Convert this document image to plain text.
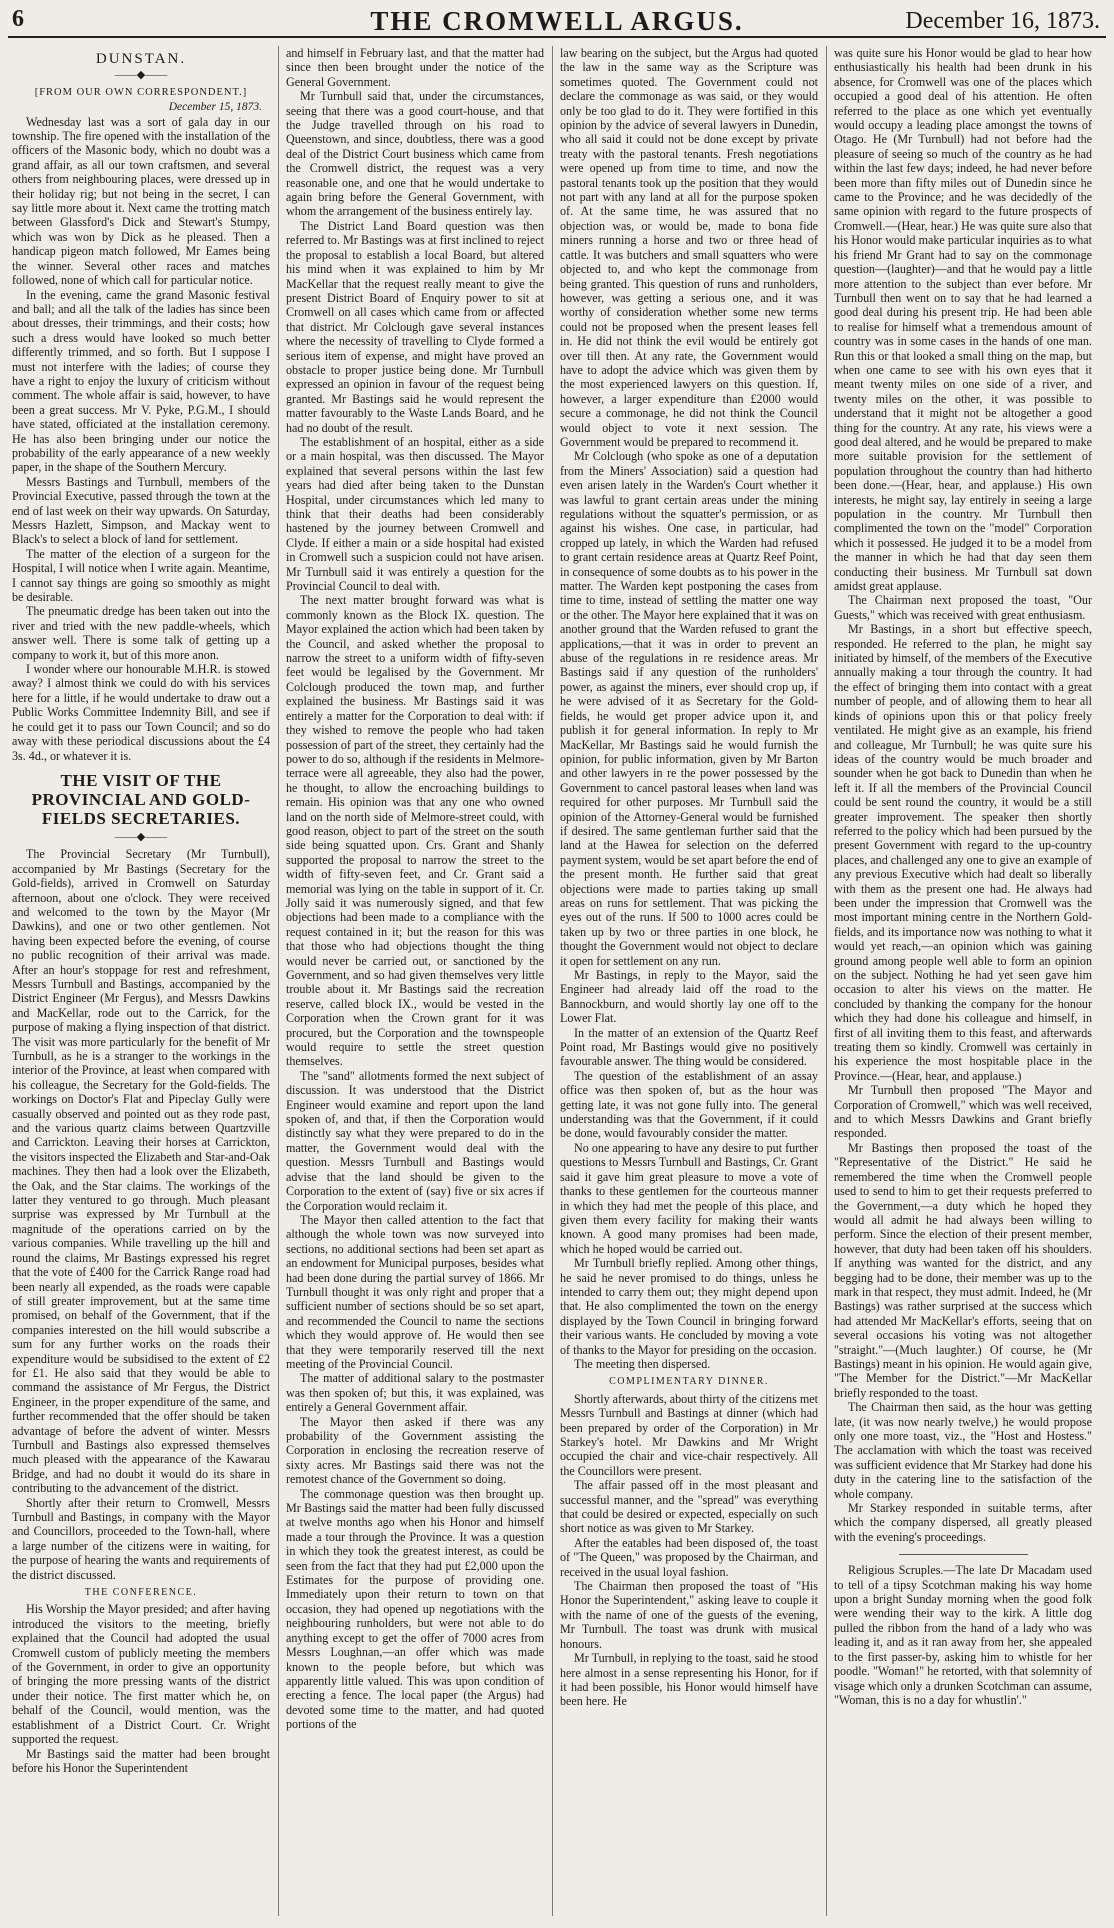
6	THE CROMWELL ARGUS.	December 16, 1873.
DUNSTAN.
——◆——
[FROM OUR OWN CORRESPONDENT.]
December 15, 1873.

Wednesday last was a sort of gala day in our township. The fire opened with the installation of the officers of the Masonic body, which no doubt was a grand affair, as all our town craftsmen, and several others from neighbouring places, were dressed up in their holiday rig; but not being in the secret, I can say little more about it. Next came the trotting match between Glassford's Dick and Stewart's Stumpy, which was won by Dick as he pleased. Then a handicap pigeon match followed, Mr Eames being the winner. Several other races and matches followed, none of which call for particular notice.

In the evening, came the grand Masonic festival and ball; and all the talk of the ladies has since been about dresses, their trimmings, and their costs; how such a dress would have looked so much better differently trimmed, and so forth. But I suppose I must not interfere with the ladies; of course they have a right to enjoy the luxury of criticism without comment. The whole affair is said, however, to have been a great success. Mr V. Pyke, P.G.M., I should have stated, officiated at the installation ceremony. He has also been bringing under our notice the probability of the early appearance of a new weekly paper, in the shape of the Southern Mercury.

Messrs Bastings and Turnbull, members of the Provincial Executive, passed through the town at the end of last week on their way upwards. On Saturday, Messrs Hazlett, Simpson, and Mackay went to Black's to select a block of land for settlement.

The matter of the election of a surgeon for the Hospital, I will notice when I write again. Meantime, I cannot say things are going so smoothly as might be desirable.

The pneumatic dredge has been taken out into the river and tried with the new paddle-wheels, which answer well. There is some talk of getting up a company to work it, but of this more anon.

I wonder where our honourable M.H.R. is stowed away? I almost think we could do with his services here for a little, if he would undertake to draw out a Public Works Committee Indemnity Bill, and see if he could get it to pass our Town Council; and so do away with these periodical discussions about the £4 3s. 4d., or whatever it is.

THE VISIT OF THE PROVINCIAL AND GOLD-FIELDS SECRETARIES.
——◆——

The Provincial Secretary (Mr Turnbull), accompanied by Mr Bastings (Secretary for the Gold-fields), arrived in Cromwell on Saturday afternoon, about one o'clock. They were received and welcomed to the town by the Mayor (Mr Dawkins), and one or two other gentlemen. Not having been expected before the evening, of course no public recognition of their arrival was made. After an hour's stoppage for rest and refreshment, Messrs Turnbull and Bastings, accompanied by the District Engineer (Mr Fergus), and Messrs Dawkins and MacKellar, rode out to the Carrick, for the purpose of making a flying inspection of that district. The visit was more particularly for the benefit of Mr Turnbull, as he is a stranger to the workings in the interior of the Province, at least when compared with his colleague, the Secretary for the Gold-fields. The workings on Doctor's Flat and Pipeclay Gully were casually observed and pointed out as they rode past, and the various quartz claims between Quartzville and Carrickton. Leaving their horses at Carrickton, the visitors inspected the Elizabeth and Star-and-Oak machines. They then had a look over the Elizabeth, the Oak, and the Star claims. The workings of the latter they ventured to go through. Much pleasant surprise was expressed by Mr Turnbull at the magnitude of the operations carried on by the various companies. While travelling up the hill and round the claims, Mr Bastings expressed his regret that the vote of £400 for the Carrick Range road had been nearly all expended, as the roads were capable of still greater improvement, but at the same time promised, on behalf of the Government, that if the companies interested on the hill would subscribe a sum for any further works on the roads their expenditure would be subsidised to the extent of £2 for £1. He also said that they would be able to command the assistance of Mr Fergus, the District Engineer, in the proper expenditure of the same, and further recommended that the offer should be taken advantage of before the advent of winter. Messrs Turnbull and Bastings also expressed themselves much pleased with the appearance of the Kawarau Bridge, and had no doubt it would do its share in contributing to the advancement of the district.

Shortly after their return to Cromwell, Messrs Turnbull and Bastings, in company with the Mayor and Councillors, proceeded to the Town-hall, where a large number of the citizens were in waiting, for the purpose of hearing the wants and requirements of the district discussed.

THE CONFERENCE.

His Worship the Mayor presided; and after having introduced the visitors to the meeting, briefly explained that the Council had adopted the usual Cromwell custom of publicly meeting the members of the Government, in order to give an opportunity of bringing the more pressing wants of the district under their notice. The first matter which he, on behalf of the Council, would mention, was the establishment of a District Court. Cr. Wright supported the request.

Mr Bastings said the matter had been brought before his Honor the Superintendent

and himself in February last, and that the matter had since then been brought under the notice of the General Government.

Mr Turnbull said that, under the circumstances, seeing that there was a good court-house, and that the Judge travelled through on his road to Queenstown, and since, doubtless, there was a good deal of the District Court business which came from the Cromwell district, the request was a very reasonable one, and one that he would undertake to again bring before the General Government, with whom the arrangement of the business entirely lay.

The District Land Board question was then referred to. Mr Bastings was at first inclined to reject the proposal to establish a local Board, but altered his mind when it was explained to him by Mr MacKellar that the request really meant to give the present District Board of Enquiry power to sit at Cromwell on all cases which came from or affected that district. Mr Colclough gave several instances where the necessity of travelling to Clyde formed a serious item of expense, and might have proved an obstacle to proper justice being done. Mr Turnbull expressed an opinion in favour of the request being granted. Mr Bastings said he would represent the matter favourably to the Waste Lands Board, and he had no doubt of the result.

The establishment of an hospital, either as a side or a main hospital, was then discussed. The Mayor explained that several persons within the last few years had died after being taken to the Dunstan Hospital, under circumstances which led many to think that their deaths had been considerably hastened by the journey between Cromwell and Clyde. If either a main or a side hospital had existed in Cromwell such a suspicion could not have arisen. Mr Turnbull said it was entirely a question for the Provincial Council to deal with.

The next matter brought forward was what is commonly known as the Block IX. question. The Mayor explained the action which had been taken by the Council, and asked whether the proposal to narrow the street to a uniform width of fifty-seven feet would be legalised by the Government. Mr Colclough produced the town map, and further explained the business. Mr Bastings said it was entirely a matter for the Corporation to deal with: if they wished to remove the people who had taken possession of part of the street, they certainly had the power to do so, although if the residents in Melmore-terrace were all agreeable, they also had the power, he thought, to allow the encroaching buildings to remain. His opinion was that any one who owned land on the north side of Melmore-street could, with good reason, object to part of the street on the south side being squatted upon. Crs. Grant and Shanly supported the proposal to narrow the street to the width of fifty-seven feet, and Cr. Grant said a memorial was lying on the table in support of it. Cr. Jolly said it was numerously signed, and that few objections had been made to a compliance with the request contained in it; but the reason for this was that those who had objections thought the thing would never be carried out, or sanctioned by the Government, and so had given themselves very little trouble about it. Mr Bastings said the recreation reserve, called block IX., would be vested in the Corporation when the Crown grant for it was procured, but the Corporation and the townspeople would require to settle the street question themselves.

The "sand" allotments formed the next subject of discussion. It was understood that the District Engineer would examine and report upon the land spoken of, and that, if then the Corporation would distinctly say what they were prepared to do in the matter, the Government would deal with the question. Messrs Turnbull and Bastings would advise that the land should be given to the Corporation to the extent of (say) five or six acres if the Corporation would reclaim it.

The Mayor then called attention to the fact that although the whole town was now surveyed into sections, no additional sections had been set apart as an endowment for Municipal purposes, besides what had been done during the partial survey of 1866. Mr Turnbull thought it was only right and proper that a sufficient number of sections should be so set apart, and recommended the Council to name the sections which they would approve of. He would then see that they were temporarily reserved till the next meeting of the Provincial Council.

The matter of additional salary to the postmaster was then spoken of; but this, it was explained, was entirely a General Government affair.

The Mayor then asked if there was any probability of the Government assisting the Corporation in enclosing the recreation reserve of sixty acres. Mr Bastings said there was not the remotest chance of the Government so doing.

The commonage question was then brought up. Mr Bastings said the matter had been fully discussed at twelve months ago when his Honor and himself made a tour through the Province. It was a question in which they took the greatest interest, as could be seen from the fact that they had put £2,000 upon the Estimates for the purpose of providing one. Immediately upon their return to town on that occasion, they had opened up negotiations with the neighbouring runholders, but were not able to do anything except to get the offer of 7000 acres from Messrs Loughnan,—an offer which was made known to the people before, but which was apparently little valued. This was upon condition of erecting a fence. The local paper (the Argus) had devoted some time to the matter, and had quoted portions of the

law bearing on the subject, but the Argus had quoted the law in the same way as the Scripture was sometimes quoted. The Government could not declare the commonage as was said, or they would only be too glad to do it. They were fortified in this opinion by the advice of several lawyers in Dunedin, who all said it could not be done except by private treaty with the pastoral tenants. Fresh negotiations were opened up from time to time, and now the pastoral tenants took up the position that they would not part with any land at all for the purpose spoken of. At the same time, he was assured that no objection was, or would be, made to bona fide miners running a horse and two or three head of cattle. It was butchers and small squatters who were objected to, and who kept the commonage from being granted. This question of runs and runholders, however, was getting a serious one, and it was worthy of consideration whether some new terms could not be proposed when the present leases fell in. He did not think the evil would be entirely got over till then. At any rate, the Government would have to adopt the advice which was given them by the most experienced lawyers on this question. If, however, a larger expenditure than £2000 would secure a commonage, he did not think the Council would object to vote it next session. The Government would be prepared to recommend it.

Mr Colclough (who spoke as one of a deputation from the Miners' Association) said a question had even arisen lately in the Warden's Court whether it was lawful to grant certain areas under the mining regulations without the squatter's permission, or as against his wishes. One case, in particular, had cropped up lately, in which the Warden had refused to grant certain residence areas at Quartz Reef Point, in consequence of some doubts as to his power in the matter. The Warden kept postponing the cases from time to time, instead of settling the matter one way or the other. The Mayor here explained that it was on another ground that the Warden refused to grant the applications,—that it was in order to prevent an abuse of the regulations in re residence areas. Mr Bastings said if any question of the runholders' power, as against the miners, ever should crop up, if he were advised of it as Secretary for the Gold-fields, he would get proper advice upon it, and publish it for general information. In reply to Mr MacKellar, Mr Bastings said he would furnish the opinion, for public information, given by Mr Barton and other lawyers in re the power possessed by the Government to cancel pastoral leases when land was required for other purposes. Mr Turnbull said the opinion of the Attorney-General would be furnished if desired. The same gentleman further said that the land at the Hawea for selection on the deferred payment system, would be set apart before the end of the present month. He further said that great objections were made to parties taking up small areas on runs for settlement. That was picking the eyes out of the runs. If 500 to 1000 acres could be taken up by two or three parties in one block, he thought the Government would not object to declare it open for settlement on any run.

Mr Bastings, in reply to the Mayor, said the Engineer had already laid off the road to the Bannockburn, and would shortly lay one off to the Lower Flat.

In the matter of an extension of the Quartz Reef Point road, Mr Bastings would give no positively favourable answer. The thing would be considered.

The question of the establishment of an assay office was then spoken of, but as the hour was getting late, it was not gone fully into. The general understanding was that the Government, if it could be done, would favourably consider the matter.

No one appearing to have any desire to put further questions to Messrs Turnbull and Bastings, Cr. Grant said it gave him great pleasure to move a vote of thanks to these gentlemen for the courteous manner in which they had met the people of this place, and given them every facility for making their wants known. A good many promises had been made, which he hoped would be carried out.

Mr Turnbull briefly replied. Among other things, he said he never promised to do things, unless he intended to carry them out; they might depend upon that. He also complimented the town on the energy displayed by the Town Council in bringing forward their various wants. He concluded by moving a vote of thanks to the Mayor for presiding on the occasion.

The meeting then dispersed.

COMPLIMENTARY DINNER.

Shortly afterwards, about thirty of the citizens met Messrs Turnbull and Bastings at dinner (which had been prepared by order of the Corporation) in Mr Starkey's hotel. Mr Dawkins and Mr Wright occupied the chair and vice-chair respectively. All the Councillors were present.

The affair passed off in the most pleasant and successful manner, and the "spread" was everything that could be desired or expected, especially on such short notice as was given to Mr Starkey.

After the eatables had been disposed of, the toast of "The Queen," was proposed by the Chairman, and received in the usual loyal fashion.

The Chairman then proposed the toast of "His Honor the Superintendent," asking leave to couple it with the name of one of the guests of the evening, Mr Turnbull. The toast was drunk with musical honours.

Mr Turnbull, in replying to the toast, said he stood here almost in a sense representing his Honor, for if it had been possible, his Honor would himself have been here. He

was quite sure his Honor would be glad to hear how enthusiastically his health had been drunk in his absence, for Cromwell was one of the places which occupied a good deal of his attention. He often referred to the place as one which yet eventually would occupy a leading place amongst the towns of Otago. He (Mr Turnbull) had not before had the pleasure of seeing so much of the country as he had within the last few days; indeed, he had never before been more than fifty miles out of Dunedin since he came to the Province; and he was decidedly of the same opinion with regard to the future prospects of Cromwell.—(Hear, hear.) He was quite sure also that his Honor would make particular inquiries as to what his friend Mr Grant had to say on the commonage question—(laughter)—and that he would pay a little more attention to the subject than ever before. Mr Turnbull then went on to say that he had learned a good deal during his present trip. He had been able to realise for himself what a tremendous amount of country was in some cases in the hands of one man. Run this or that looked a small thing on the map, but when one came to see with his own eyes that it meant twenty miles on one side of a river, and twenty miles on the other, it was possible to understand that it might not be altogether a good thing for the country. At any rate, his views were a good deal altered, and he would be prepared to make more suitable provision for the settlement of population throughout the country than had hitherto been done.—(Hear, hear, and applause.) His own interests, he might say, lay entirely in seeing a large population in the country. Mr Turnbull then complimented the town on the "model" Corporation which it possessed. He judged it to be a model from the manner in which he had that day seen them conducting their business. Mr Turnbull sat down amidst great applause.

The Chairman next proposed the toast, "Our Guests," which was received with great enthusiasm.

Mr Bastings, in a short but effective speech, responded. He referred to the plan, he might say initiated by himself, of the members of the Executive annually making a tour through the country. It had the effect of bringing them into contact with a great number of people, and of allowing them to hear all kinds of opinions upon this or that policy freely ventilated. He might give as an example, his friend and colleague, Mr Turnbull; he was quite sure his ideas of the country would be much broader and sounder when he got back to Dunedin than when he left it. If all the members of the Provincial Council could be sent round the country, it would be a still greater improvement. The speaker then shortly referred to the policy which had been pursued by the present Government with regard to the up-country places, and challenged any one to give an example of any previous Executive which had dealt so liberally with them as the present one had. He always had been under the impression that Cromwell was the most important mining centre in the Northern Gold-fields, and its importance now was nothing to what it would yet reach,—an opinion which was gaining ground among people well able to form an opinion on the subject. Nothing he had yet seen gave him occasion to alter his views on the matter. He concluded by thanking the company for the honour which they had done his colleague and himself, in first of all inviting them to this feast, and afterwards treating them so kindly. Cromwell was certainly in his experience the most hospitable place in the Province.—(Hear, hear, and applause.)

Mr Turnbull then proposed "The Mayor and Corporation of Cromwell," which was well received, and to which Messrs Dawkins and Grant briefly responded.

Mr Bastings then proposed the toast of the "Representative of the District." He said he remembered the time when the Cromwell people used to send to him to get their requests preferred to the Government,—a duty which he hoped they would all admit he had always been willing to perform. Since the election of their present member, however, that duty had been taken off his shoulders. If anything was wanted for the district, and any begging had to be done, their member was up to the mark in that respect, they must admit. Indeed, he (Mr Bastings) was rather surprised at the success which had attended Mr MacKellar's efforts, seeing that on several occasions his voting was not altogether "straight."—(Much laughter.) Of course, he (Mr Bastings) meant in his opinion. He would again give, "The Member for the District."—Mr MacKellar briefly responded to the toast.

The Chairman then said, as the hour was getting late, (it was now nearly twelve,) he would propose only one more toast, viz., the "Host and Hostess." The acclamation with which the toast was received was sufficient evidence that Mr Starkey had done his duty in the catering line to the satisfaction of the whole company.

Mr Starkey responded in suitable terms, after which the company dispersed, all greatly pleased with the evening's proceedings.

Religious Scruples.—The late Dr Macadam used to tell of a tipsy Scotchman making his way home upon a bright Sunday morning when the good folk were wending their way to the kirk. A little dog pulled the ribbon from the hand of a lady who was leading it, and as it ran away from her, she appealed to the first passer-by, asking him to whistle for her poodle. "Woman!" he retorted, with that solemnity of visage which only a drunken Scotchman can assume, "Woman, this is no a day for whustlin'."
